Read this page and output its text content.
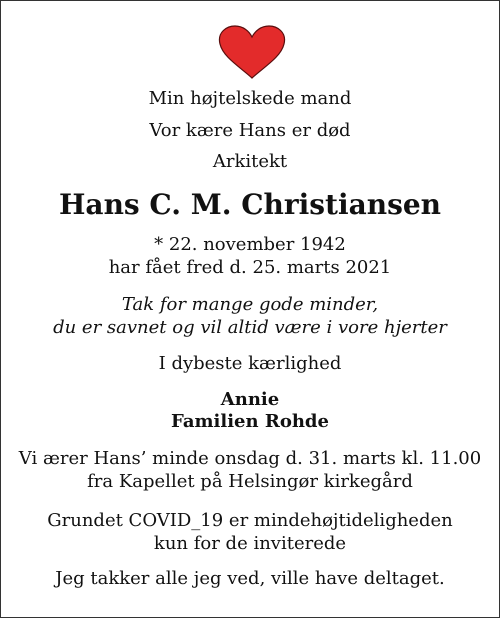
Min højtelskede mand
Vor kære Hans er død
Arkitekt
Hans C. M. Christiansen
* 22. november 1942
har fået fred d. 25. marts 2021
Tak for mange gode minder,
du er savnet og vil altid være i vore hjerter
I dybeste kærlighed
Annie
Familien Rohde
Vi ærer Hans’ minde onsdag d. 31. marts kl. 11.00
fra Kapellet på Helsingør kirkegård
Grundet COVID_19 er mindehøjtideligheden
kun for de inviterede
Jeg takker alle jeg ved, ville have deltaget.
